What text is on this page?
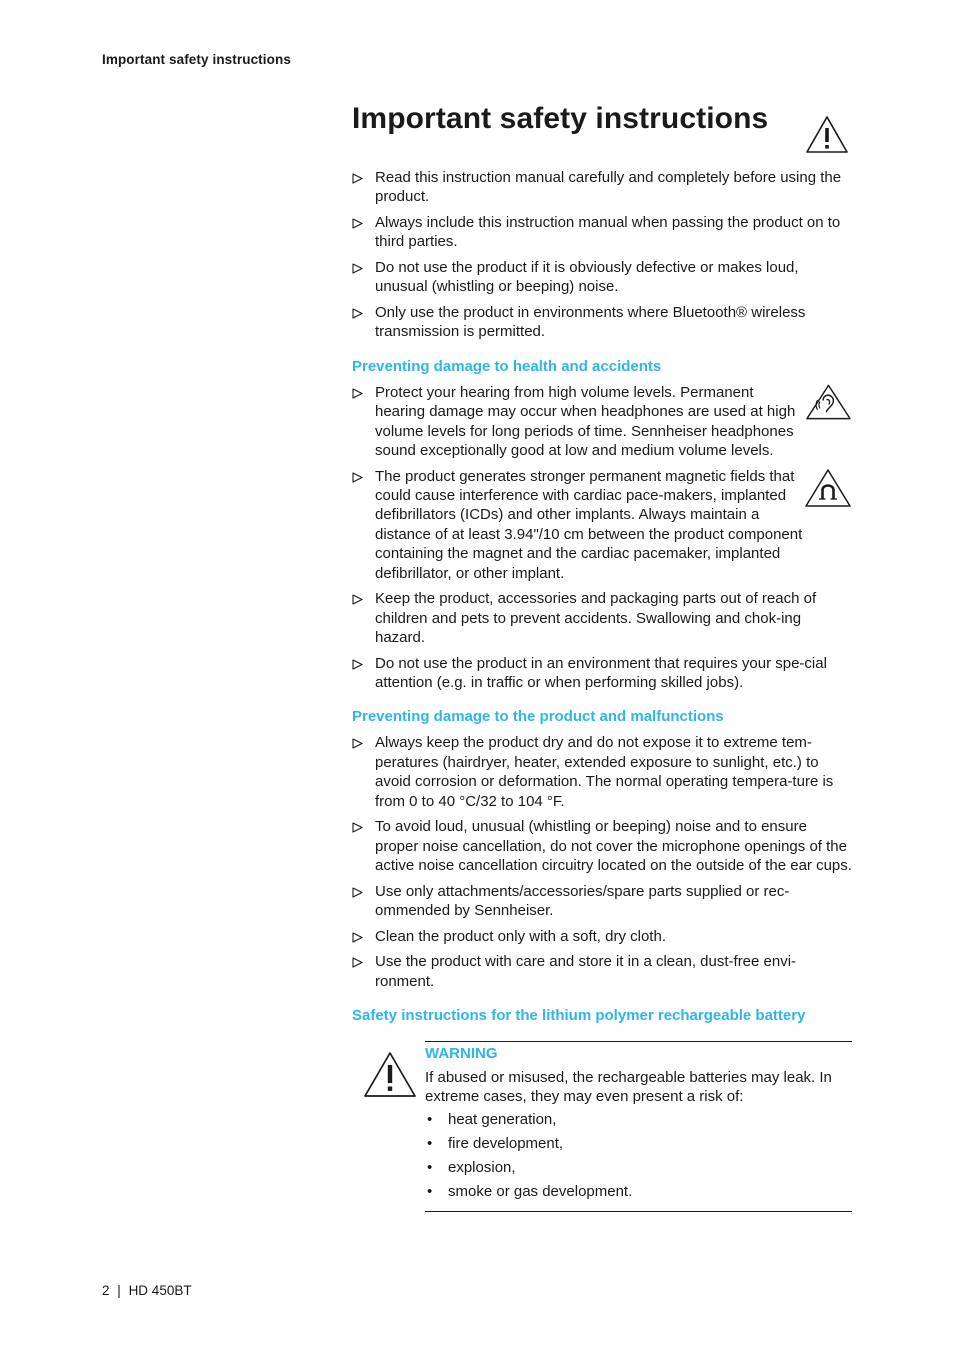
Important safety instructions
Important safety instructions

Read this instruction manual carefully and completely before using the product.

Always include this instruction manual when passing the product on to third parties.

Do not use the product if it is obviously defective or makes loud, unusual (whistling or beeping) noise.

Only use the product in environments where Bluetooth® wireless transmission is permitted.

Preventing damage to health and accidents

Protect your hearing from high volume levels. Permanent hearing damage may occur when headphones are used at high volume levels for long periods of time. Sennheiser headphones sound exceptionally good at low and medium volume levels.

The product generates stronger permanent magnetic fields that could cause interference with cardiac pace-makers, implanted defibrillators (ICDs) and other implants. Always maintain a distance of at least 3.94"/10 cm between the product component containing the magnet and the cardiac pacemaker, implanted defibrillator, or other implant.

Keep the product, accessories and packaging parts out of reach of children and pets to prevent accidents. Swallowing and chok-ing hazard.

Do not use the product in an environment that requires your spe-cial attention (e.g. in traffic or when performing skilled jobs).

Preventing damage to the product and malfunctions

Always keep the product dry and do not expose it to extreme tem-peratures (hairdryer, heater, extended exposure to sunlight, etc.) to avoid corrosion or deformation. The normal operating tempera-ture is from 0 to 40 °C/32 to 104 °F.

To avoid loud, unusual (whistling or beeping) noise and to ensure proper noise cancellation, do not cover the microphone openings of the active noise cancellation circuitry located on the outside of the ear cups.

Use only attachments/accessories/spare parts supplied or rec-ommended by Sennheiser.

Clean the product only with a soft, dry cloth.

Use the product with care and store it in a clean, dust-free envi-ronment.

Safety instructions for the lithium polymer rechargeable battery
WARNING

If abused or misused, the rechargeable batteries may leak. In extreme cases, they may even present a risk of:

• heat generation,
• fire development,
• explosion,
• smoke or gas development.
2 | HD 450BT
